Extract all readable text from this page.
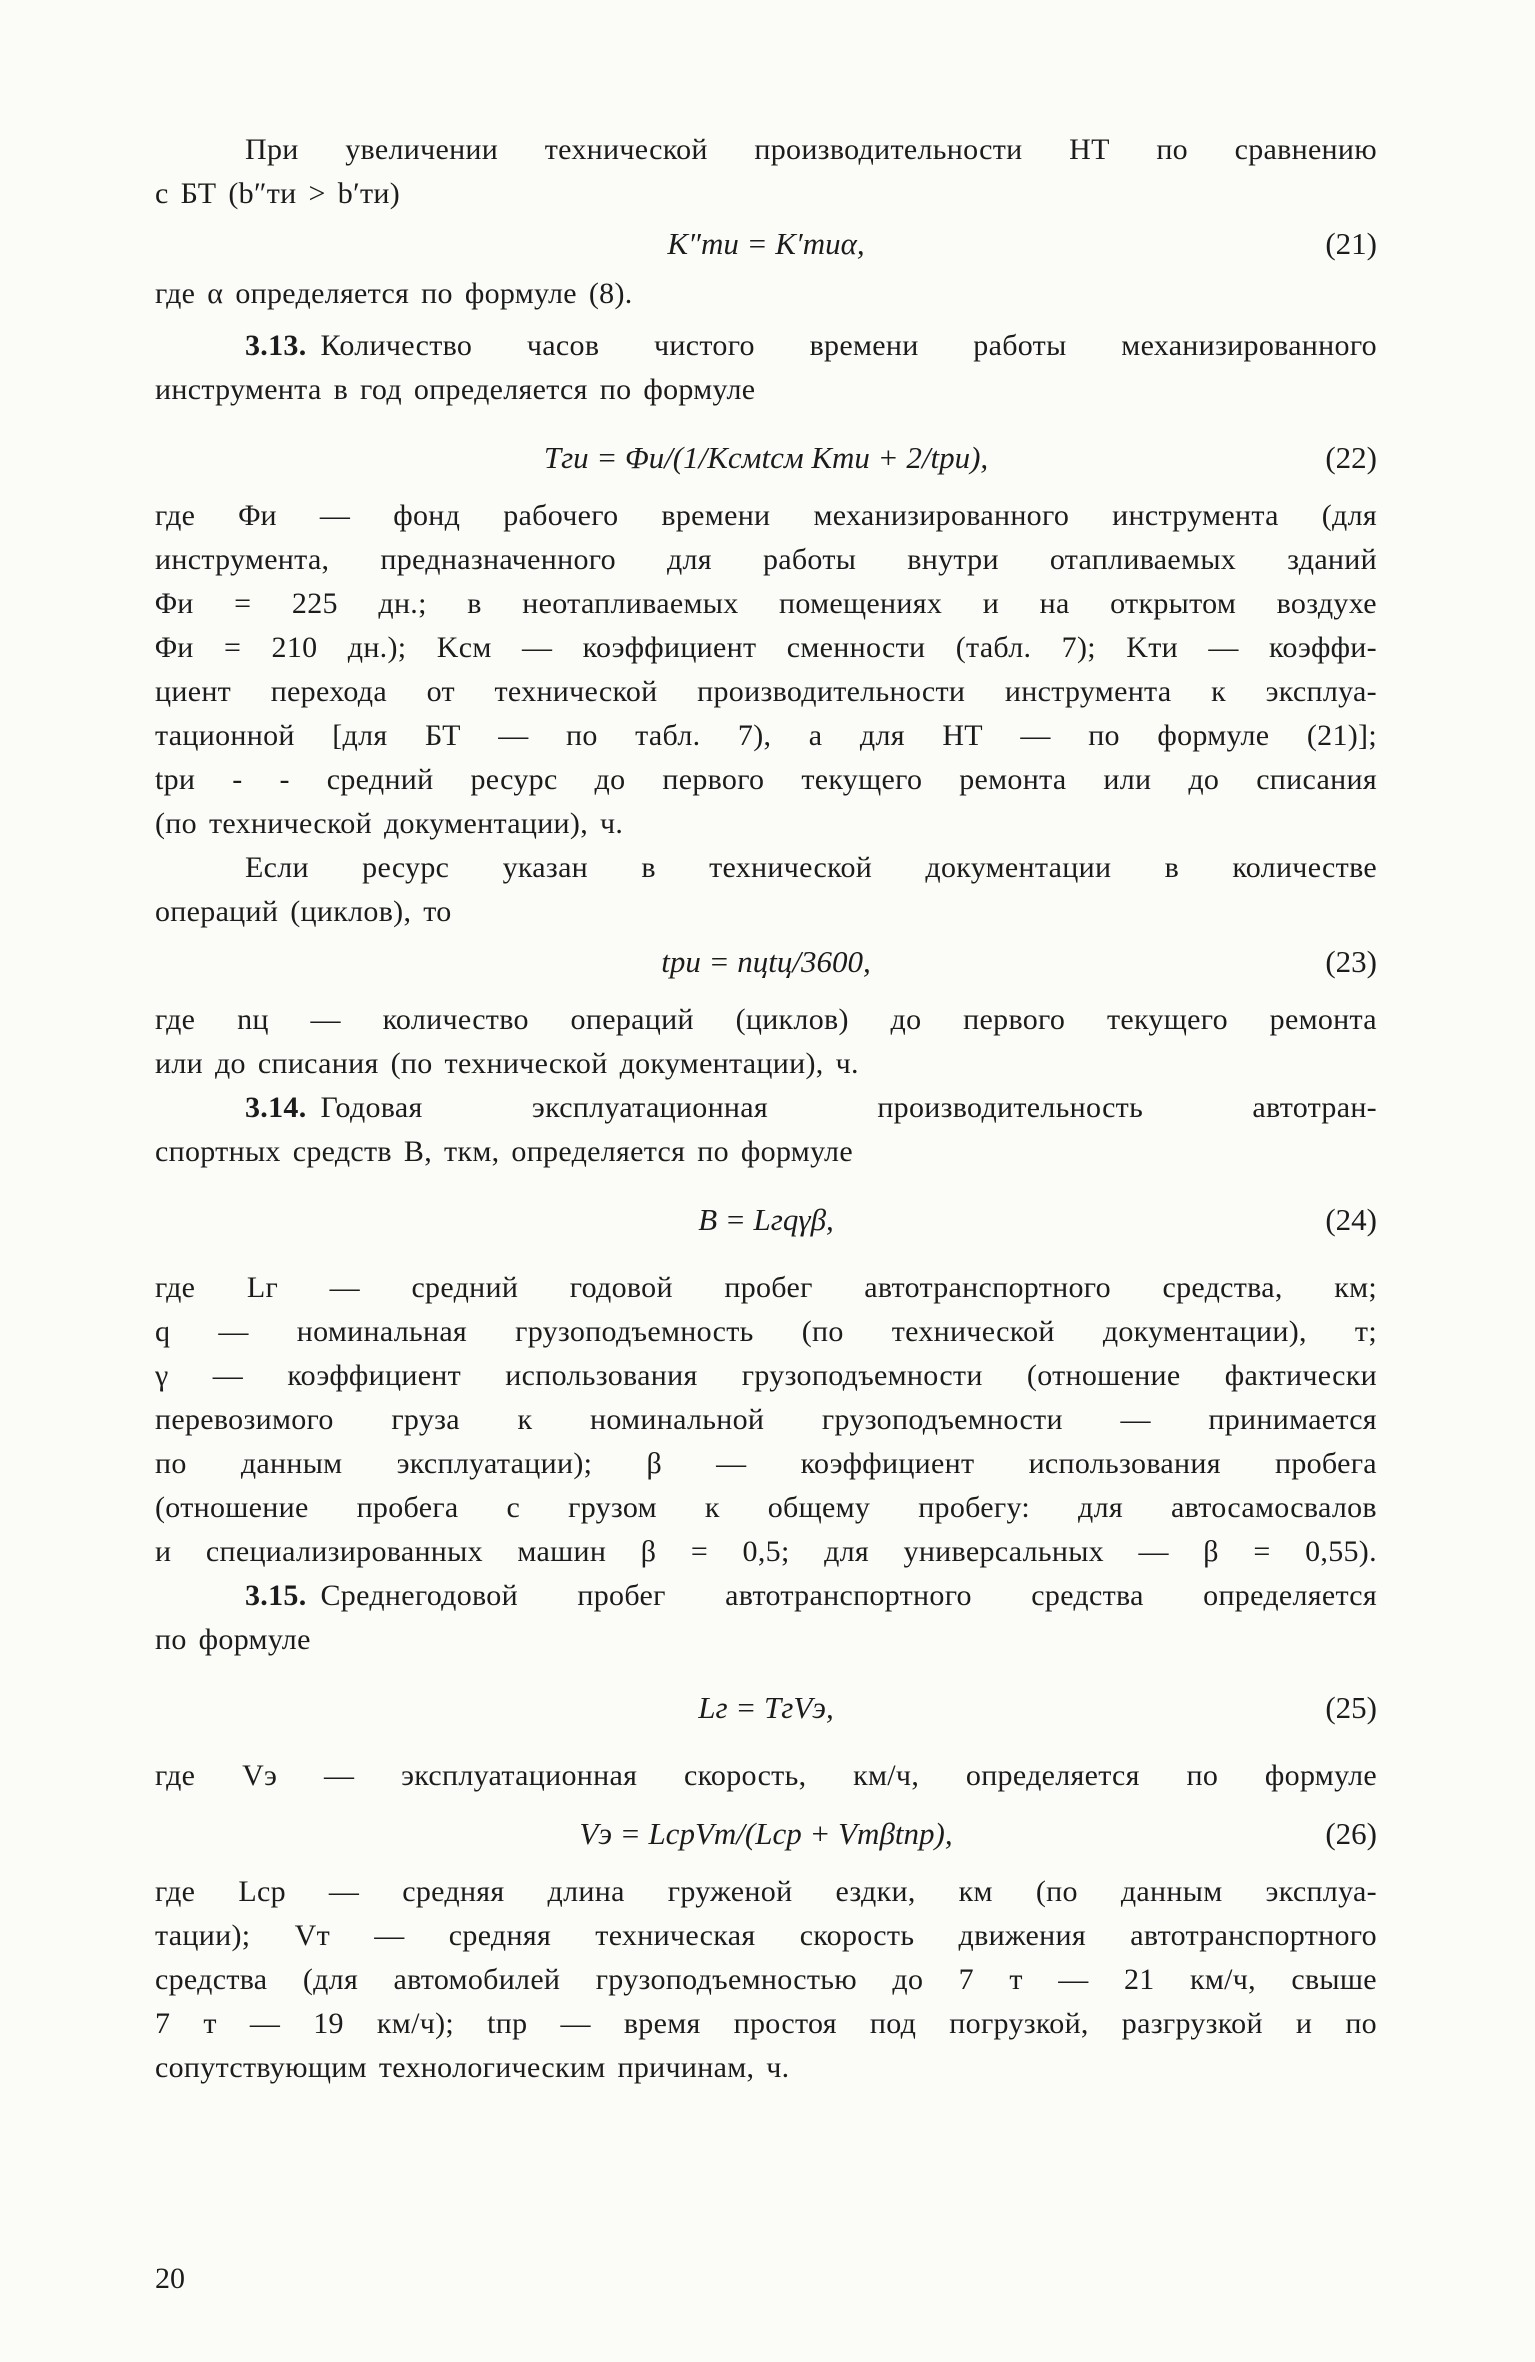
При увеличении технической производительности НТ по сравнению
с БТ (b″ти > b′ти)
K″ти = K′тиα,	(21)
где α определяется по формуле (8).
3.13. Количество часов чистого времени работы механизированного
инструмента в год определяется по формуле
Tги = Φи/(1/Kсмtсм Kти + 2/tри),	(22)
где Φи — фонд рабочего времени механизированного инструмента (для
инструмента, предназначенного для работы внутри отапливаемых зданий
Φи = 225 дн.; в неотапливаемых помещениях и на открытом воздухе
Φи = 210 дн.); Kсм — коэффициент сменности (табл. 7); Kти — коэффи-
циент перехода от технической производительности инструмента к эксплуа-
тационной [для БТ — по табл. 7), а для НТ — по формуле (21)];
tри - - средний ресурс до первого текущего ремонта или до списания
(по технической документации), ч.
Если ресурс указан в технической документации в количестве
операций (циклов), то
tри = nцtц/3600,	(23)
где nц — количество операций (циклов) до первого текущего ремонта
или до списания (по технической документации), ч.
3.14. Годовая	эксплуатационная	производительность	автотран-
спортных средств B, ткм, определяется по формуле
B = Lгqγβ,	(24)
где Lг — средний годовой пробег автотранспортного средства, км;
q — номинальная грузоподъемность (по технической документации), т;
γ — коэффициент использования грузоподъемности (отношение фактически
перевозимого груза к номинальной грузоподъемности — принимается
по данным эксплуатации); β — коэффициент использования пробега
(отношение пробега с грузом к общему пробегу: для автосамосвалов
и специализированных машин β = 0,5; для универсальных — β = 0,55).
3.15. Среднегодовой пробег автотранспортного средства определяется
по формуле
Lг = TгVэ,	(25)
где Vэ — эксплуатационная скорость, км/ч, определяется по формуле
Vэ = LсрVт/(Lср + Vтβtпр),	(26)
где Lср — средняя длина груженой ездки, км (по данным эксплуа-
тации); Vт — средняя техническая скорость движения автотранспортного
средства (для автомобилей грузоподъемностью до 7 т — 21 км/ч, свыше
7 т — 19 км/ч); tпр — время простоя под погрузкой, разгрузкой и по
сопутствующим технологическим причинам, ч.
20
